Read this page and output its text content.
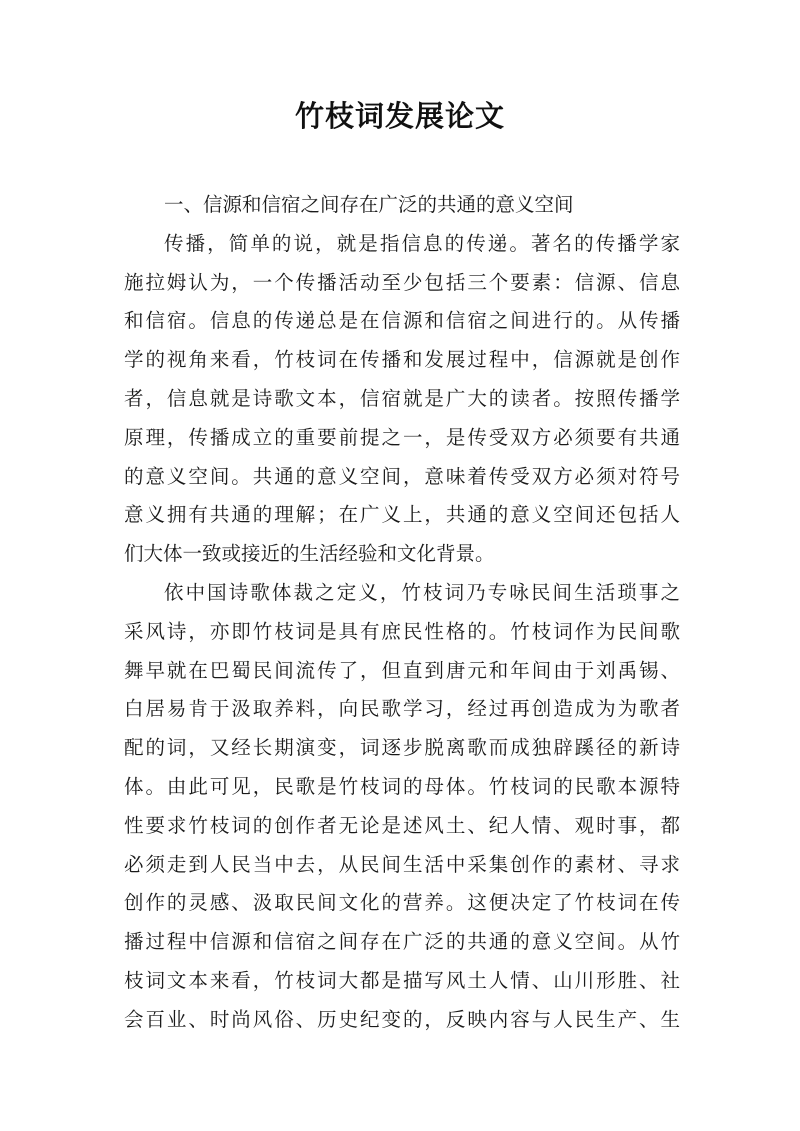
竹枝词发展论文
一、信源和信宿之间存在广泛的共通的意义空间
传播，简单的说，就是指信息的传递。著名的传播学家
施拉姆认为，一个传播活动至少包括三个要素：信源、信息
和信宿。信息的传递总是在信源和信宿之间进行的。从传播
学的视角来看，竹枝词在传播和发展过程中，信源就是创作
者，信息就是诗歌文本，信宿就是广大的读者。按照传播学
原理，传播成立的重要前提之一，是传受双方必须要有共通
的意义空间。共通的意义空间，意味着传受双方必须对符号
意义拥有共通的理解；在广义上，共通的意义空间还包括人
们大体一致或接近的生活经验和文化背景。
依中国诗歌体裁之定义，竹枝词乃专咏民间生活琐事之
采风诗，亦即竹枝词是具有庶民性格的。竹枝词作为民间歌
舞早就在巴蜀民间流传了，但直到唐元和年间由于刘禹锡、
白居易肯于汲取养料，向民歌学习，经过再创造成为为歌者
配的词，又经长期演变，词逐步脱离歌而成独辟蹊径的新诗
体。由此可见，民歌是竹枝词的母体。竹枝词的民歌本源特
性要求竹枝词的创作者无论是述风土、纪人情、观时事，都
必须走到人民当中去，从民间生活中采集创作的素材、寻求
创作的灵感、汲取民间文化的营养。这便决定了竹枝词在传
播过程中信源和信宿之间存在广泛的共通的意义空间。从竹
枝词文本来看，竹枝词大都是描写风土人情、山川形胜、社
会百业、时尚风俗、历史纪变的，反映内容与人民生产、生
